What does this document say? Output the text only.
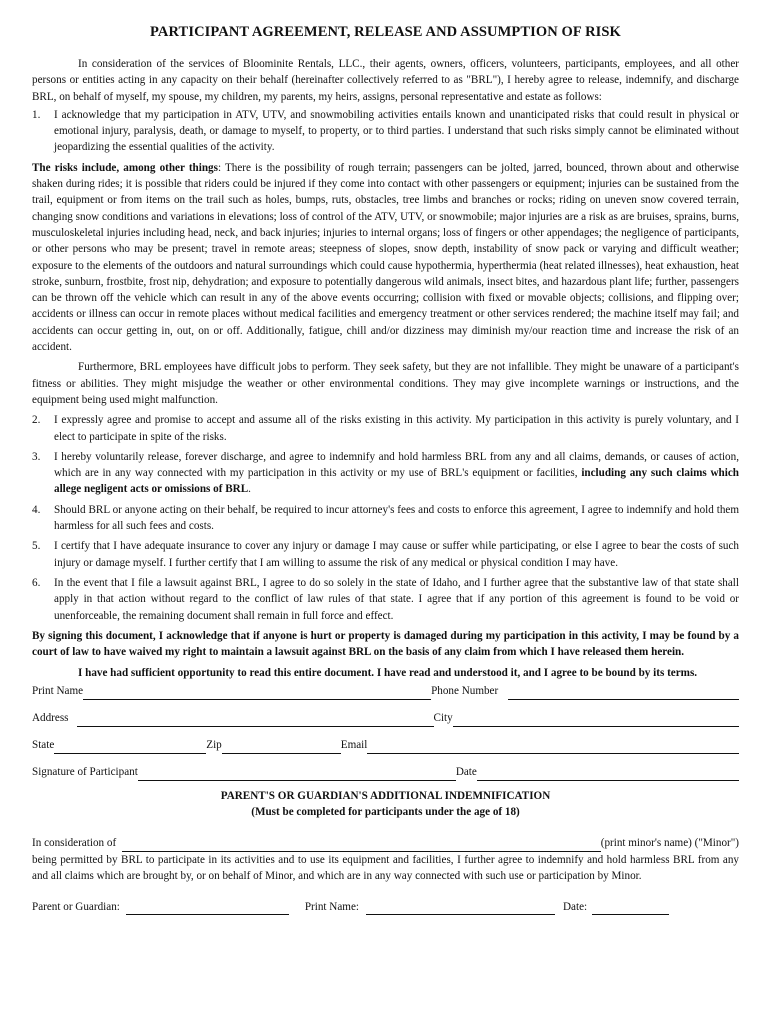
PARTICIPANT AGREEMENT, RELEASE AND ASSUMPTION OF RISK

In consideration of the services of Bloominite Rentals, LLC., their agents, owners, officers, volunteers, participants, employees, and all other persons or entities acting in any capacity on their behalf (hereinafter collectively referred to as "BRL"), I hereby agree to release, indemnify, and discharge BRL, on behalf of myself, my spouse, my children, my parents, my heirs, assigns, personal representative and estate as follows:

1. I acknowledge that my participation in ATV, UTV, and snowmobiling activities entails known and unanticipated risks that could result in physical or emotional injury, paralysis, death, or damage to myself, to property, or to third parties. I understand that such risks simply cannot be eliminated without jeopardizing the essential qualities of the activity.

The risks include, among other things: There is the possibility of rough terrain; passengers can be jolted, jarred, bounced, thrown about and otherwise shaken during rides; it is possible that riders could be injured if they come into contact with other passengers or equipment; injuries can be sustained from the trail, equipment or from items on the trail such as holes, bumps, ruts, obstacles, tree limbs and branches or rocks; riding on uneven snow covered terrain, changing snow conditions and variations in elevations; loss of control of the ATV, UTV, or snowmobile; major injuries are a risk as are bruises, sprains, burns, musculoskeletal injuries including head, neck, and back injuries; injuries to internal organs; loss of fingers or other appendages; the negligence of participants, or other persons who may be present; travel in remote areas; steepness of slopes, snow depth, instability of snow pack or varying and difficult weather; exposure to the elements of the outdoors and natural surroundings which could cause hypothermia, hyperthermia (heat related illnesses), heat exhaustion, heat stroke, sunburn, frostbite, frost nip, dehydration; and exposure to potentially dangerous wild animals, insect bites, and hazardous plant life; further, passengers can be thrown off the vehicle which can result in any of the above events occurring; collision with fixed or movable objects; collisions, and flipping over; accidents or illness can occur in remote places without medical facilities and emergency treatment or other services rendered; the machine itself may fail; and accidents can occur getting in, out, on or off. Additionally, fatigue, chill and/or dizziness may diminish my/our reaction time and increase the risk of an accident.

Furthermore, BRL employees have difficult jobs to perform. They seek safety, but they are not infallible. They might be unaware of a participant's fitness or abilities. They might misjudge the weather or other environmental conditions. They may give incomplete warnings or instructions, and the equipment being used might malfunction.

2. I expressly agree and promise to accept and assume all of the risks existing in this activity. My participation in this activity is purely voluntary, and I elect to participate in spite of the risks.
3. I hereby voluntarily release, forever discharge, and agree to indemnify and hold harmless BRL from any and all claims, demands, or causes of action, which are in any way connected with my participation in this activity or my use of BRL's equipment or facilities, including any such claims which allege negligent acts or omissions of BRL.
4. Should BRL or anyone acting on their behalf, be required to incur attorney's fees and costs to enforce this agreement, I agree to indemnify and hold them harmless for all such fees and costs.
5. I certify that I have adequate insurance to cover any injury or damage I may cause or suffer while participating, or else I agree to bear the costs of such injury or damage myself. I further certify that I am willing to assume the risk of any medical or physical condition I may have.
6. In the event that I file a lawsuit against BRL, I agree to do so solely in the state of Idaho, and I further agree that the substantive law of that state shall apply in that action without regard to the conflict of law rules of that state. I agree that if any portion of this agreement is found to be void or unenforceable, the remaining document shall remain in full force and effect.

By signing this document, I acknowledge that if anyone is hurt or property is damaged during my participation in this activity, I may be found by a court of law to have waived my right to maintain a lawsuit against BRL on the basis of any claim from which I have released them herein.

I have had sufficient opportunity to read this entire document. I have read and understood it, and I agree to be bound by its terms.

Print Name	Phone Number
Address	City
State	Zip	Email
Signature of Participant	Date
PARENT'S OR GUARDIAN'S ADDITIONAL INDEMNIFICATION
(Must be completed for participants under the age of 18)
In consideration of	(print minor's name) ("Minor")

being permitted by BRL to participate in its activities and to use its equipment and facilities, I further agree to indemnify and hold harmless BRL from any and all claims which are brought by, or on behalf of Minor, and which are in any way connected with such use or participation by Minor.

Parent or Guardian:	Print Name:	Date:
